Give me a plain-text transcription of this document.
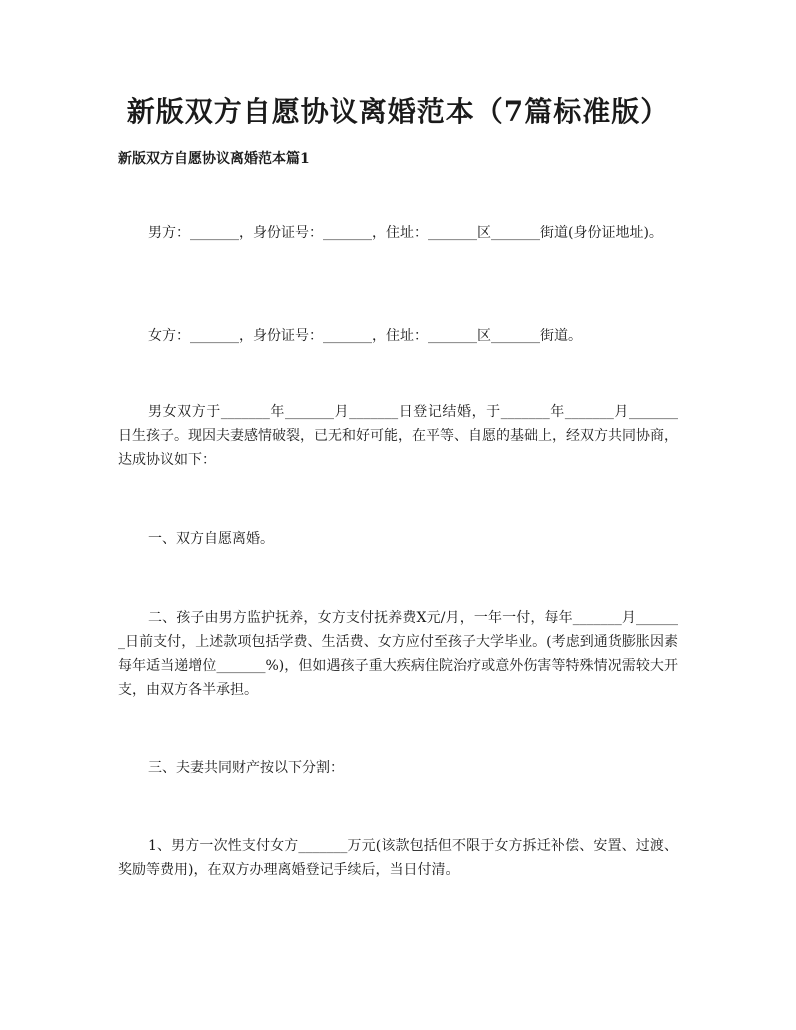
新版双方自愿协议离婚范本（7篇标准版）
新版双方自愿协议离婚范本篇1

男方：_______，身份证号：_______，住址：_______区_______街道(身份证地址)。

女方：_______，身份证号：_______，住址：_______区_______街道。

男女双方于_______年_______月_______日登记结婚，于_______年_______月_______日生孩子。现因夫妻感情破裂，已无和好可能，在平等、自愿的基础上，经双方共同协商，达成协议如下：

一、双方自愿离婚。

二、孩子由男方监护抚养，女方支付抚养费X元/月，一年一付，每年_______月_______日前支付，上述款项包括学费、生活费、女方应付至孩子大学毕业。(考虑到通货膨胀因素每年适当递增位_______%)，但如遇孩子重大疾病住院治疗或意外伤害等特殊情况需较大开支，由双方各半承担。

三、夫妻共同财产按以下分割：

1、男方一次性支付女方_______万元(该款包括但不限于女方拆迁补偿、安置、过渡、奖励等费用)，在双方办理离婚登记手续后，当日付清。
